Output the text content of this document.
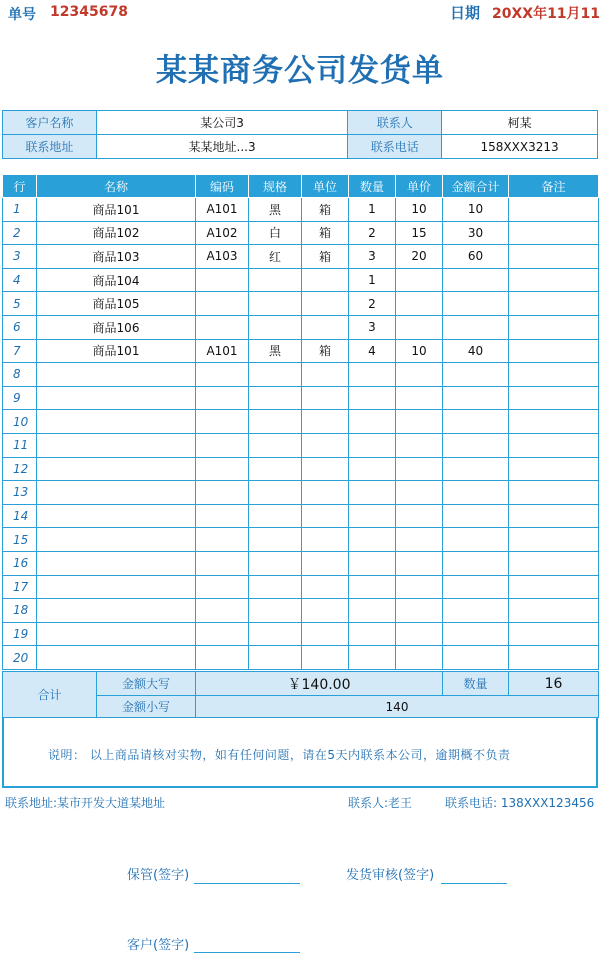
单号 12345678	日期 20XX年11月11
某某商务公司发货单
客户名称	某公司3	联系人	柯某
联系地址	某某地址...3	联系电话	158XXX3213
行	名称	编码	规格	单位	数量	单价	金额合计	备注
1	商品101	A101	黑	箱	1	10	10	
2	商品102	A102	白	箱	2	15	30	
3	商品103	A103	红	箱	3	20	60	
4	商品104				1			
5	商品105				2			
6	商品106				3			
7	商品101	A101	黑	箱	4	10	40	
8								
9								
10								
11								
12								
13								
14								
15								
16								
17								
18								
19								
20								
合计	金额大写	￥140.00	数量	16
	金额小写	140		
说明： 以上商品请核对实物，如有任何问题，请在5天内联系本公司，逾期概不负责
联系地址:某市开发大道某地址	联系人:老王	联系电话: 138XXX123456
保管(签字)	发货审核(签字)
客户(签字)
